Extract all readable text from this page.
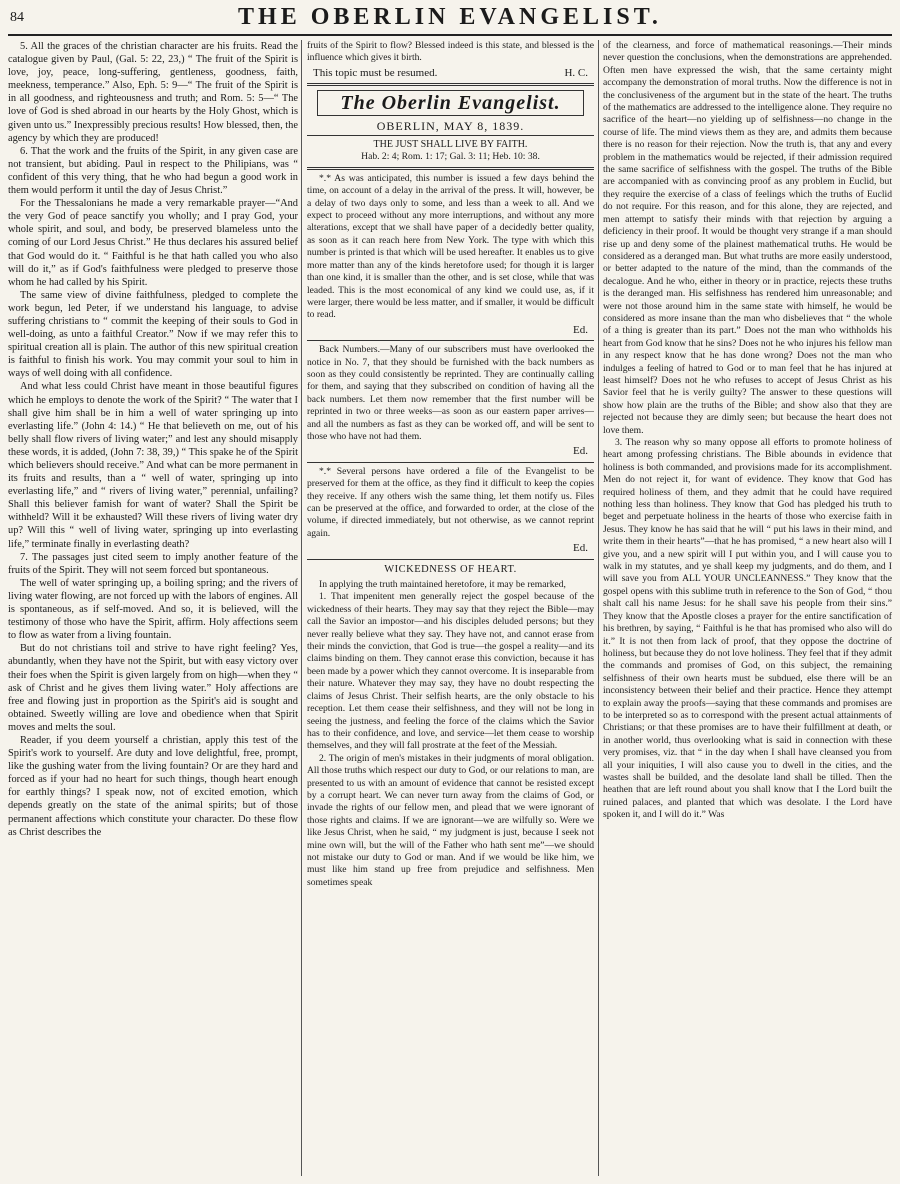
84	THE OBERLIN EVANGELIST.

5. All the graces of the christian character are his fruits. Read the catalogue given by Paul, (Gal. 5: 22, 23,) “ The fruit of the Spirit is love, joy, peace, long-suffering, gentleness, goodness, faith, meekness, temperance.” Also, Eph. 5: 9—“ The fruit of the Spirit is in all goodness, and righteousness and truth; and Rom. 5: 5—“ The love of God is shed abroad in our hearts by the Holy Ghost, which is given unto us.” Inexpressibly precious results! How blessed, then, the agency by which they are produced!

6. That the work and the fruits of the Spirit, in any given case are not transient, but abiding. Paul in respect to the Philipians, was “ confident of this very thing, that he who had begun a good work in them would perform it until the day of Jesus Christ.”

For the Thessalonians he made a very remarkable prayer—“And the very God of peace sanctify you wholly; and I pray God, your whole spirit, and soul, and body, be preserved blameless unto the coming of our Lord Jesus Christ.” He thus declares his assured belief that God would do it. “ Faithful is he that hath called you who also will do it,” as if God's faithfulness were pledged to preserve those whom he had called by his Spirit.

The same view of divine faithfulness, pledged to complete the work begun, led Peter, if we understand his language, to advise suffering christians to “ commit the keeping of their souls to God in well-doing, as unto a faithful Creator.” Now if we may refer this to spiritual creation all is plain. The author of this new spiritual creation is faithful to finish his work. You may commit your soul to him in ways of well doing with all confidence.

And what less could Christ have meant in those beautiful figures which he employs to denote the work of the Spirit? “ The water that I shall give him shall be in him a well of water springing up into everlasting life.” (John 4: 14.) “ He that believeth on me, out of his belly shall flow rivers of living water;” and lest any should misapply these words, it is added, (John 7: 38, 39,) “ This spake he of the Spirit which believers should receive.” And what can be more permanent in its fruits and results, than a “ well of water, springing up into everlasting life,” and “ rivers of living water,” perennial, unfailing? Shall this believer famish for want of water? Shall the Spirit be withheld? Will it be exhausted? Will these rivers of living water dry up? Will this “ well of living water, springing up into everlasting life,” terminate finally in everlasting death?

7. The passages just cited seem to imply another feature of the fruits of the Spirit. They will not seem forced but spontaneous.

The well of water springing up, a boiling spring; and the rivers of living water flowing, are not forced up with the labors of engines. All is spontaneous, as if self-moved. And so, it is believed, will the testimony of those who have the Spirit, affirm. Holy affections seem to flow as water from a living fountain.

But do not christians toil and strive to have right feeling? Yes, abundantly, when they have not the Spirit, but with easy victory over their foes when the Spirit is given largely from on high—when they “ ask of Christ and he gives them living water.” Holy affections are free and flowing just in proportion as the Spirit's aid is sought and obtained. Sweetly willing are love and obedience when that Spirit moves and melts the soul.

Reader, if you deem yourself a christian, apply this test of the Spirit's work to yourself. Are duty and love delightful, free, prompt, like the gushing water from the living fountain? Or are they hard and forced as if your had no heart for such things, though heart enough for earthly things? I speak now, not of excited emotion, which depends greatly on the state of the animal spirits; but of those permanent affections which constitute your character. Do these flow as Christ describes the

fruits of the Spirit to flow? Blessed indeed is this state, and blessed is the influence which gives it birth.

This topic must be resumed.	H. C.
The Oberlin Evangelist.
OBERLIN, MAY 8, 1839.
THE JUST SHALL LIVE BY FAITH.
Hab. 2: 4; Rom. 1: 17; Gal. 3: 11; Heb. 10: 38.

*.* As was anticipated, this number is issued a few days behind the time, on account of a delay in the arrival of the press. It will, however, be a delay of two days only to some, and less than a week to all. And we expect to proceed without any more interruptions, and without any more alterations, except that we shall have paper of a decidedly better quality, as soon as it can reach here from New York. The type with which this number is printed is that which will be used hereafter. It enables us to give more matter than any of the kinds heretofore used; for though it is larger than one kind, it is smaller than the other, and is set close, while that was leaded. This is the most economical of any kind we could use, as, if it were larger, there would be less matter, and if smaller, it would be difficult to read.

Ed.

Back Numbers.—Many of our subscribers must have overlooked the notice in No. 7, that they should be furnished with the back numbers as soon as they could consistently be reprinted. They are continually calling for them, and saying that they subscribed on condition of having all the back numbers. Let them now remember that the first number will be reprinted in two or three weeks—as soon as our eastern paper arrives—and all the numbers as fast as they can be worked off, and will be sent to those who have not had them.

Ed.

*.* Several persons have ordered a file of the Evangelist to be preserved for them at the office, as they find it difficult to keep the copies they receive. If any others wish the same thing, let them notify us. Files can be preserved at the office, and forwarded to order, at the close of the volume, if directed immediately, but not otherwise, as we cannot reprint again.

Ed.
WICKEDNESS OF HEART.

In applying the truth maintained heretofore, it may be remarked,

1. That impenitent men generally reject the gospel because of the wickedness of their hearts. They may say that they reject the Bible—may call the Savior an impostor—and his disciples deluded persons; but they never really believe what they say. They have not, and cannot erase from their minds the conviction, that God is true—the gospel a reality—and its claims binding on them. They cannot erase this conviction, because it has been made by a power which they cannot overcome. It is inseparable from their nature. Whatever they may say, they have no doubt respecting the claims of Jesus Christ. Their selfish hearts, are the only obstacle to his reception. Let them cease their selfishness, and they will not be long in seeing the justness, and feeling the force of the claims which the Savior has to their confidence, and love, and service—let them cease to worship themselves, and they will fall prostrate at the feet of the Messiah.

2. The origin of men's mistakes in their judgments of moral obligation. All those truths which respect our duty to God, or our relations to man, are presented to us with an amount of evidence that cannot be resisted except by a corrupt heart. We can never turn away from the claims of God, or invade the rights of our fellow men, and plead that we were ignorant of those rights and claims. If we are ignorant—we are wilfully so. Were we like Jesus Christ, when he said, “ my judgment is just, because I seek not mine own will, but the will of the Father who hath sent me”—we should not mistake our duty to God or man. And if we would be like him, we must like him stand up free from prejudice and selfishness. Men sometimes speak

of the clearness, and force of mathematical reasonings.—Their minds never question the conclusions, when the demonstrations are apprehended. Often men have expressed the wish, that the same certainty might accompany the demonstration of moral truths. Now the difference is not in the conclusiveness of the argument but in the state of the heart. The truths of the mathematics are addressed to the intelligence alone. They require no sacrifice of the heart—no yielding up of selfishness—no change in the course of life. The mind views them as they are, and admits them because there is no reason for their rejection. Now the truth is, that any and every problem in the mathematics would be rejected, if their admission required the same sacrifice of selfishness with the gospel. The truths of the Bible are accompanied with as convincing proof as any problem in Euclid, but they require the exercise of a class of feelings which the truths of Euclid do not require. For this reason, and for this alone, they are rejected, and men attempt to satisfy their minds with that rejection by arguing a deficiency in their proof. It would be thought very strange if a man should rise up and deny some of the plainest mathematical truths. He would be considered as a deranged man. But what truths are more easily understood, or better adapted to the nature of the mind, than the commands of the decalogue. And he who, either in theory or in practice, rejects these truths is the deranged man. His selfishness has rendered him unreasonable; and were not those around him in the same state with himself, he would be considered as more insane than the man who disbelieves that “ the whole of a thing is greater than its part.” Does not the man who withholds his heart from God know that he sins? Does not he who injures his fellow man in any respect know that he has done wrong? Does not the man who indulges a feeling of hatred to God or to man feel that he has injured at least himself? Does not he who refuses to accept of Jesus Christ as his Savior feel that he is verily guilty? The answer to these questions will show how plain are the truths of the Bible; and show also that they are rejected not because they are dimly seen; but because the heart does not love them.

3. The reason why so many oppose all efforts to promote holiness of heart among professing christians. The Bible abounds in evidence that holiness is both commanded, and provisions made for its accomplishment. Men do not reject it, for want of evidence. They know that God has required holiness of them, and they admit that he could have required nothing less than holiness. They know that God has pledged his truth to beget and perpetuate holiness in the hearts of those who exercise faith in Jesus. They know he has said that he will “ put his laws in their mind, and write them in their hearts”—that he has promised, “ a new heart also will I give you, and a new spirit will I put within you, and I will cause you to walk in my statutes, and ye shall keep my judgments, and do them, and I will save you from ALL YOUR UNCLEANNESS.” They know that the gospel opens with this sublime truth in reference to the Son of God, “ thou shalt call his name Jesus: for he shall save his people from their sins.” They know that the Apostle closes a prayer for the entire sanctification of his brethren, by saying, “ Faithful is he that has promised who also will do it.” It is not then from lack of proof, that they oppose the doctrine of holiness, but because they do not love holiness. They feel that if they admit the commands and promises of God, on this subject, the remaining selfishness of their own hearts must be subdued, else there will be an inconsistency between their belief and their practice. Hence they attempt to explain away the proofs—saying that these commands and promises are to be interpreted so as to correspond with the present actual attainments of Christians; or that these promises are to have their fulfillment at death, or in another world, thus overlooking what is said in connection with these very promises, viz. that “ in the day when I shall have cleansed you from all your iniquities, I will also cause you to dwell in the cities, and the wastes shall be builded, and the desolate land shall be tilled. Then the heathen that are left round about you shall know that I the Lord built the ruined palaces, and planted that which was desolate. I the Lord have spoken it, and I will do it.” Was
